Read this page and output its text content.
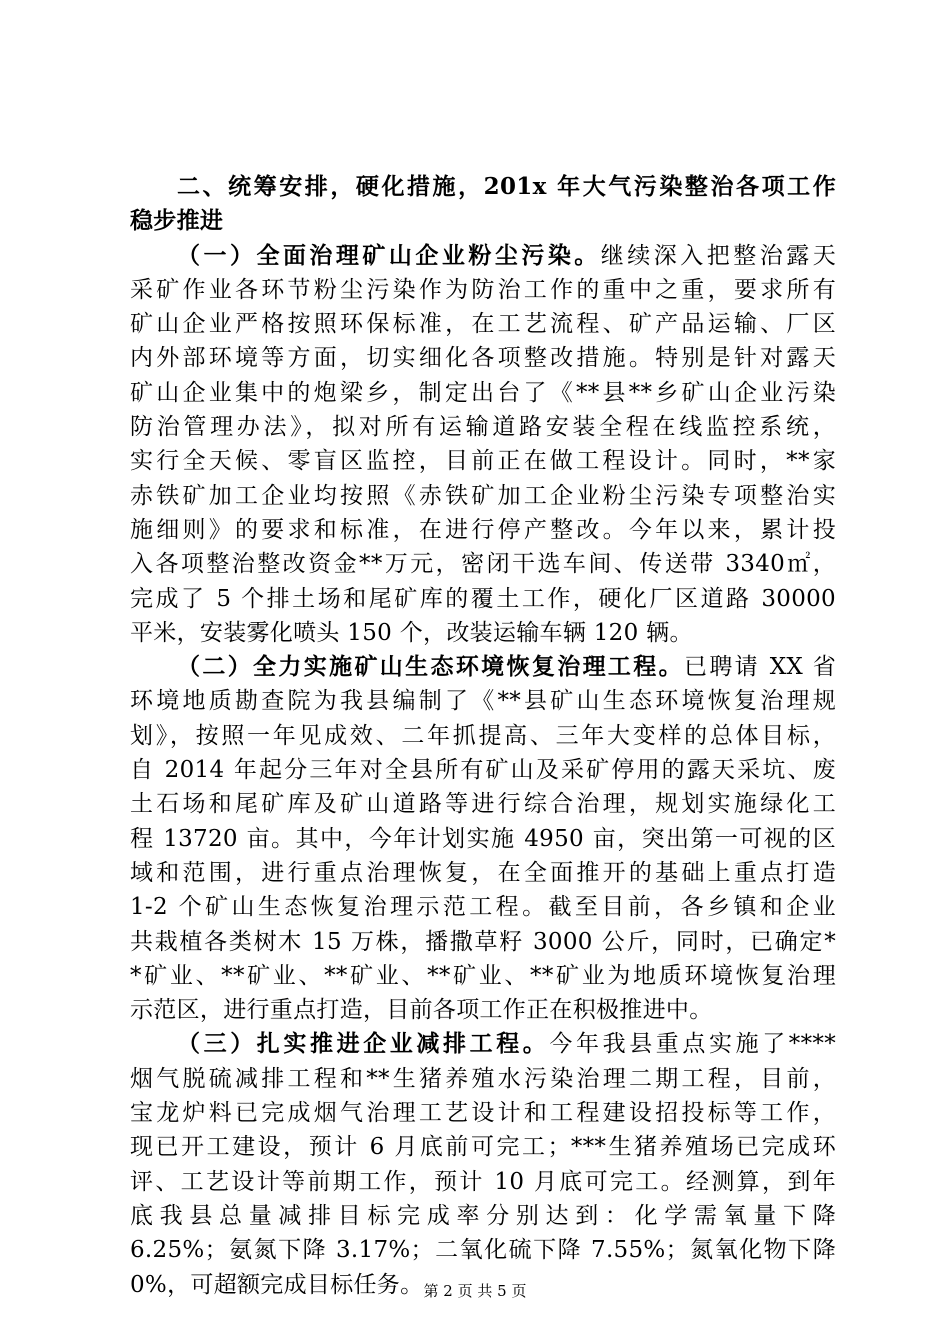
二、统筹安排，硬化措施，201x 年大气污染整治各项工作
稳步推进
（一）全面治理矿山企业粉尘污染。继续深入把整治露天
采矿作业各环节粉尘污染作为防治工作的重中之重，要求所有
矿山企业严格按照环保标准，在工艺流程、矿产品运输、厂区
内外部环境等方面，切实细化各项整改措施。特别是针对露天
矿山企业集中的炮梁乡，制定出台了《**县**乡矿山企业污染
防治管理办法》，拟对所有运输道路安装全程在线监控系统，
实行全天候、零盲区监控，目前正在做工程设计。同时，**家
赤铁矿加工企业均按照《赤铁矿加工企业粉尘污染专项整治实
施细则》的要求和标准，在进行停产整改。今年以来，累计投
入各项整治整改资金**万元，密闭干选车间、传送带 3340㎡，
完成了 5 个排土场和尾矿库的覆土工作，硬化厂区道路 30000
平米，安装雾化喷头 150 个，改装运输车辆 120 辆。
（二）全力实施矿山生态环境恢复治理工程。已聘请 XX 省
环境地质勘查院为我县编制了《**县矿山生态环境恢复治理规
划》，按照一年见成效、二年抓提高、三年大变样的总体目标，
自 2014 年起分三年对全县所有矿山及采矿停用的露天采坑、废
土石场和尾矿库及矿山道路等进行综合治理，规划实施绿化工
程 13720 亩。其中，今年计划实施 4950 亩，突出第一可视的区
域和范围，进行重点治理恢复，在全面推开的基础上重点打造
1-2 个矿山生态恢复治理示范工程。截至目前，各乡镇和企业
共栽植各类树木 15 万株，播撒草籽 3000 公斤，同时，已确定*
*矿业、**矿业、**矿业、**矿业、**矿业为地质环境恢复治理
示范区，进行重点打造，目前各项工作正在积极推进中。
（三）扎实推进企业减排工程。今年我县重点实施了****
烟气脱硫减排工程和**生猪养殖水污染治理二期工程，目前，
宝龙炉料已完成烟气治理工艺设计和工程建设招投标等工作，
现已开工建设，预计 6 月底前可完工；***生猪养殖场已完成环
评、工艺设计等前期工作，预计 10 月底可完工。经测算，到年
底我县总量减排目标完成率分别达到：化学需氧量下降
6.25%；氨氮下降 3.17%；二氧化硫下降 7.55%；氮氧化物下降
0%，可超额完成目标任务。 第 2 页 共 5 页
